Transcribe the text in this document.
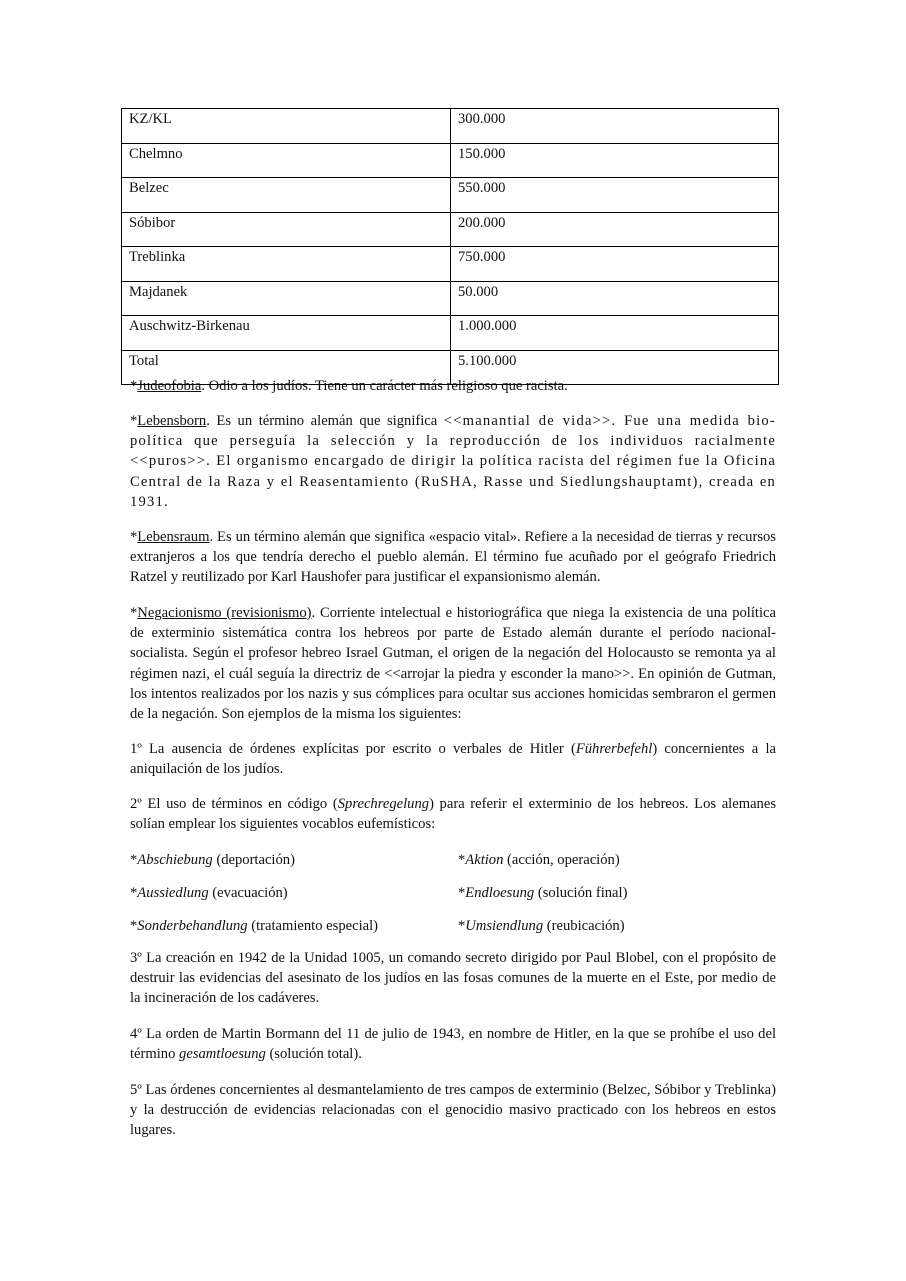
KZ/KL	300.000
Chelmno	150.000
Belzec	550.000
Sóbibor	200.000
Treblinka	750.000
Majdanek	50.000
Auschwitz-Birkenau	1.000.000
Total	5.100.000

*Judeofobia. Odio a los judíos. Tiene un carácter más religioso que racista.

*Lebensborn. Es un término alemán que significa <<manantial de vida>>. Fue una medida bio-política que perseguía la selección y la reproducción de los individuos racialmente <<puros>>. El organismo encargado de dirigir la política racista del régimen fue la Oficina Central de la Raza y el Reasentamiento (RuSHA, Rasse und Siedlungshauptamt), creada en 1931.

*Lebensraum. Es un término alemán que significa «espacio vital». Refiere a la necesidad de tierras y recursos extranjeros a los que tendría derecho el pueblo alemán. El término fue acuñado por el geógrafo Friedrich Ratzel y reutilizado por Karl Haushofer para justificar el expansionismo alemán.

*Negacionismo (revisionismo). Corriente intelectual e historiográfica que niega la existencia de una política de exterminio sistemática contra los hebreos por parte de Estado alemán durante el período nacional-socialista. Según el profesor hebreo Israel Gutman, el origen de la negación del Holocausto se remonta ya al régimen nazi, el cuál seguía la directriz de <<arrojar la piedra y esconder la mano>>. En opinión de Gutman, los intentos realizados por los nazis y sus cómplices para ocultar sus acciones homicidas sembraron el germen de la negación. Son ejemplos de la misma los siguientes:

1º La ausencia de órdenes explícitas por escrito o verbales de Hitler (Führerbefehl) concernientes a la aniquilación de los judíos.

2º El uso de términos en código (Sprechregelung) para referir el exterminio de los hebreos. Los alemanes solían emplear los siguientes vocablos eufemísticos:

*Abschiebung (deportación)	*Aktion (acción, operación)
*Aussiedlung (evacuación)	*Endloesung (solución final)
*Sonderbehandlung (tratamiento especial)	*Umsiendlung (reubicación)

3º La creación en 1942 de la Unidad 1005, un comando secreto dirigido por Paul Blobel, con el propósito de destruir las evidencias del asesinato de los judíos en las fosas comunes de la muerte en el Este, por medio de la incineración de los cadáveres.

4º La orden de Martin Bormann del 11 de julio de 1943, en nombre de Hitler, en la que se prohíbe el uso del término gesamtloesung (solución total).

5º Las órdenes concernientes al desmantelamiento de tres campos de exterminio (Belzec, Sóbibor y Treblinka) y la destrucción de evidencias relacionadas con el genocidio masivo practicado con los hebreos en estos lugares.
